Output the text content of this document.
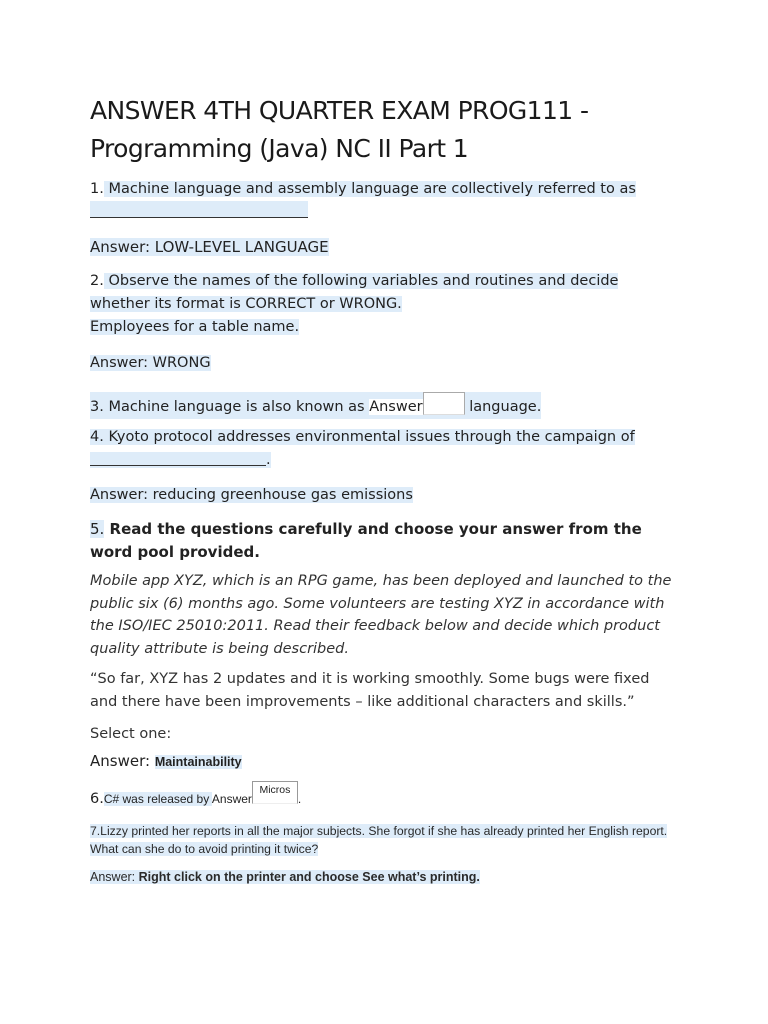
ANSWER 4TH QUARTER EXAM PROG111 - Programming (Java) NC II Part 1
1. Machine language and assembly language are collectively referred to as

Answer: LOW-LEVEL LANGUAGE
2. Observe the names of the following variables and routines and decide whether its format is CORRECT or WRONG.
Employees for a table name.
Answer: WRONG
3. Machine language is also known as Answer	language.
4. Kyoto protocol addresses environmental issues through the campaign of
.
Answer: reducing greenhouse gas emissions
5. Read the questions carefully and choose your answer from the word pool provided.
Mobile app XYZ, which is an RPG game, has been deployed and launched to the public six (6) months ago. Some volunteers are testing XYZ in accordance with the ISO/IEC 25010:2011. Read their feedback below and decide which product quality attribute is being described.
“So far, XYZ has 2 updates and it is working smoothly. Some bugs were fixed and there have been improvements – like additional characters and skills.”
Select one:
Answer: Maintainability
6.C# was released by AnswerMicros.
7.Lizzy printed her reports in all the major subjects. She forgot if she has already printed her English report. What can she do to avoid printing it twice?
Answer: Right click on the printer and choose See what’s printing.
